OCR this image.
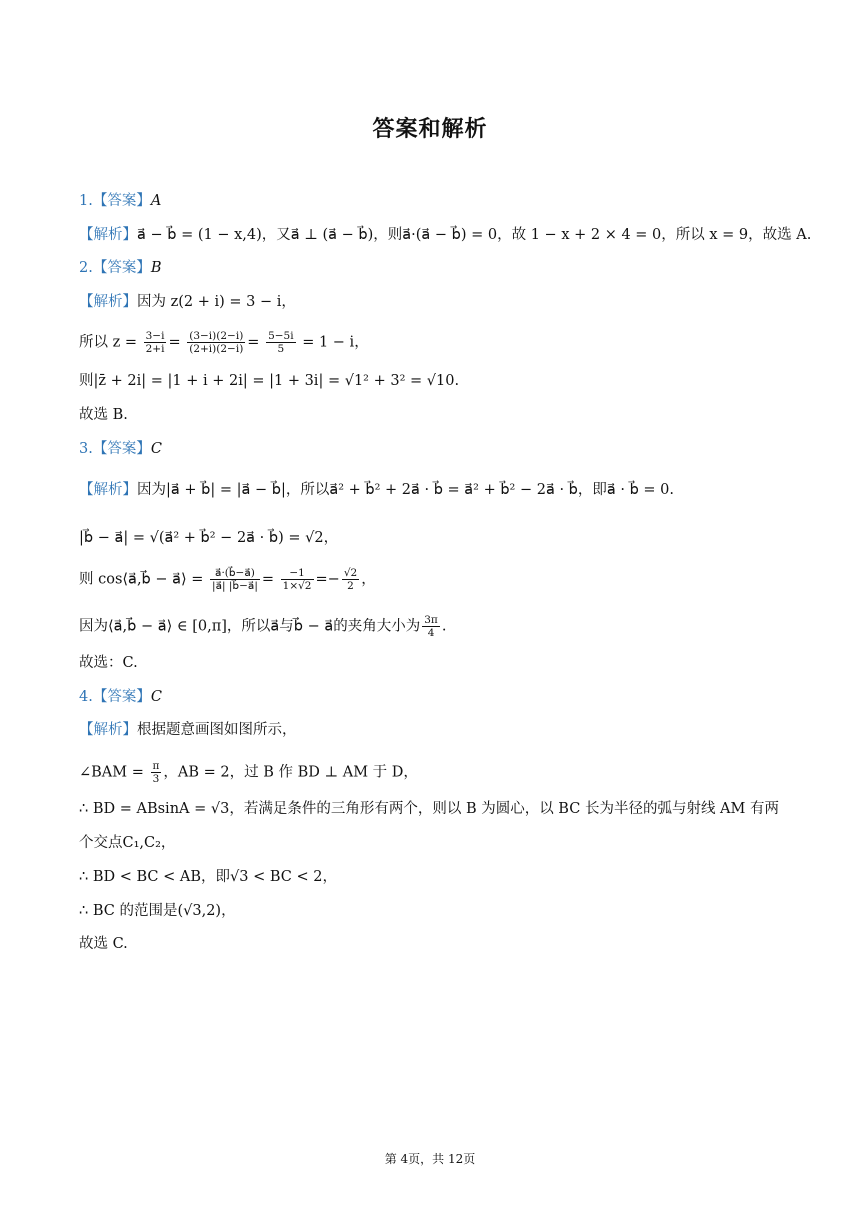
答案和解析
1.【答案】A
【解析】a⃗ − b⃗ = (1 − x,4)，又a⃗ ⊥ (a⃗ − b⃗)，则a⃗·(a⃗ − b⃗) = 0，故 1 − x + 2 × 4 = 0，所以 x = 9，故选 A.
2.【答案】B
【解析】因为 z(2 + i) = 3 − i，
所以 $z = \frac{3-i}{2+i} = \frac{(3-i)(2-i)}{(2+i)(2-i)} = \frac{5-5i}{5} = 1 - i$，
则|z̄ + 2i| = |1 + i + 2i| = |1 + 3i| = √1² + 3² = √10.
故选 B.
3.【答案】C
【解析】因为|a⃗ + b⃗| = |a⃗ − b⃗|，所以a⃗² + b⃗² + 2a⃗ · b⃗ = a⃗² + b⃗² − 2a⃗ · b⃗，即a⃗ · b⃗ = 0.
|b⃗ − a⃗| = √(a⃗² + b⃗² − 2a⃗ · b⃗) = √2，
则 cos⟨a⃗,b⃗ − a⃗⟩ = $\frac{a⃗\cdot(b⃗-a⃗)}{|a⃗| |b⃗-a⃗|} = \frac{-1}{1\times√2} =- \frac{√2}{2}$ ，
因为⟨a⃗,b⃗ − a⃗⟩ ∈ [0,π]，所以a⃗与b⃗ − a⃗的夹角大小为 $\frac{3\pi}{4}$ .
故选：C.
4.【答案】C
【解析】根据题意画图如图所示，
∠BAM = $\frac{\pi}{3}$ ，AB = 2，过 B 作 BD ⊥ AM 于 D，
∴ BD = ABsinA = √3，若满足条件的三角形有两个，则以 B 为圆心，以 BC 长为半径的弧与射线 AM 有两
个交点C₁,C₂，
∴ BD < BC < AB，即√3 < BC < 2，
∴ BC 的范围是(√3,2)，
故选 C.
第 4页，共 12页
